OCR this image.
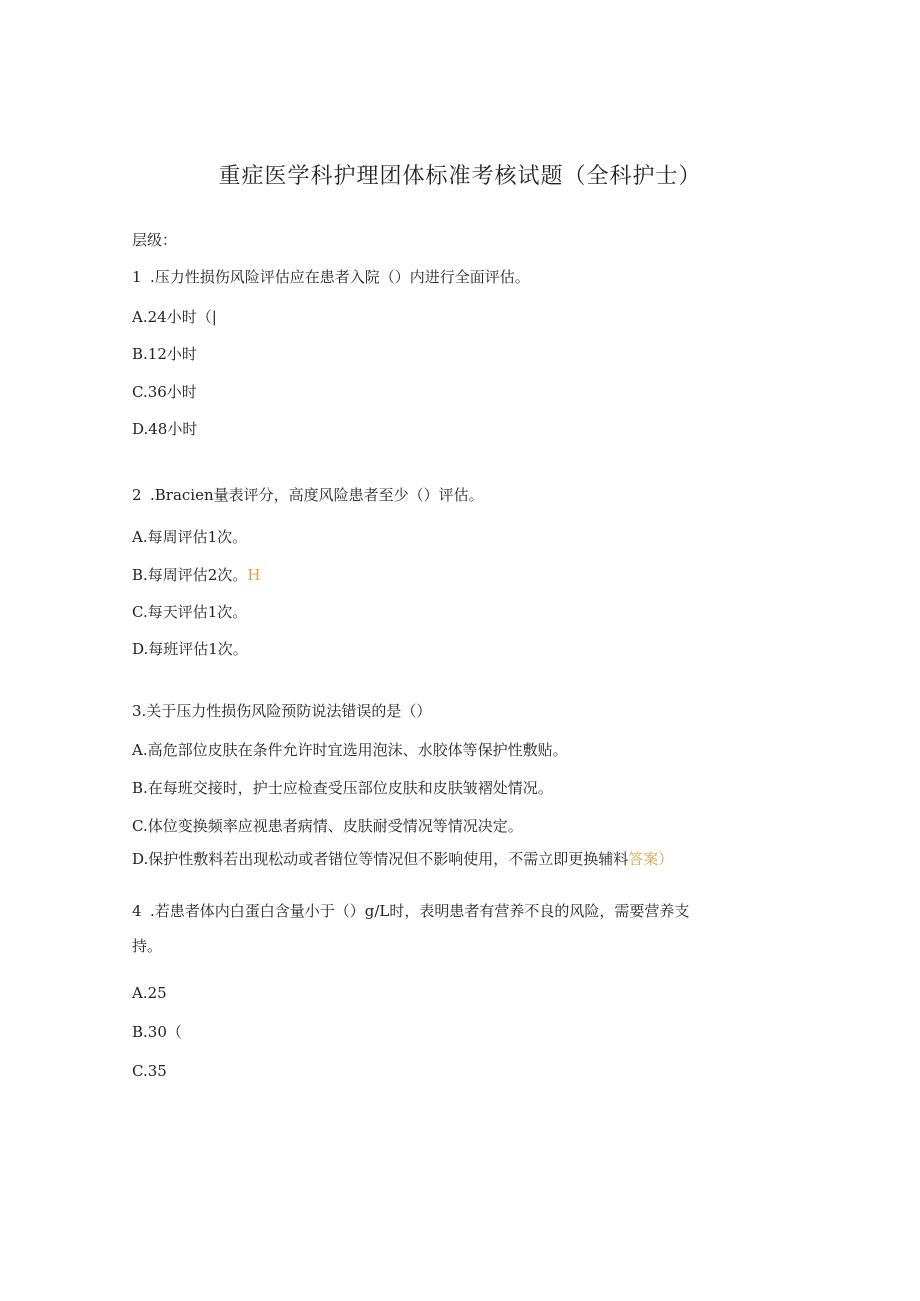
重症医学科护理团体标准考核试题（全科护士）
层级：
1 .压力性损伤风险评估应在患者入院（）内进行全面评估。
A.24小时（|
B.12小时
C.36小时
D.48小时
2 .Bracien量表评分，高度风险患者至少（）评估。
A.每周评估1次。
B.每周评估2次。H
C.每天评估1次。
D.每班评估1次。
3.关于压力性损伤风险预防说法错误的是（）
A.高危部位皮肤在条件允许时宜选用泡沫、水胶体等保护性敷贴。
B.在每班交接时，护士应检查受压部位皮肤和皮肤皱褶处情况。
C.体位变换频率应视患者病情、皮肤耐受情况等情况决定。
D.保护性敷料若出现松动或者错位等情况但不影响使用，不需立即更换辅料答案）
4 .若患者体内白蛋白含量小于（）g/L时，表明患者有营养不良的风险，需要营养支
持。
A.25
B.30（
C.35
